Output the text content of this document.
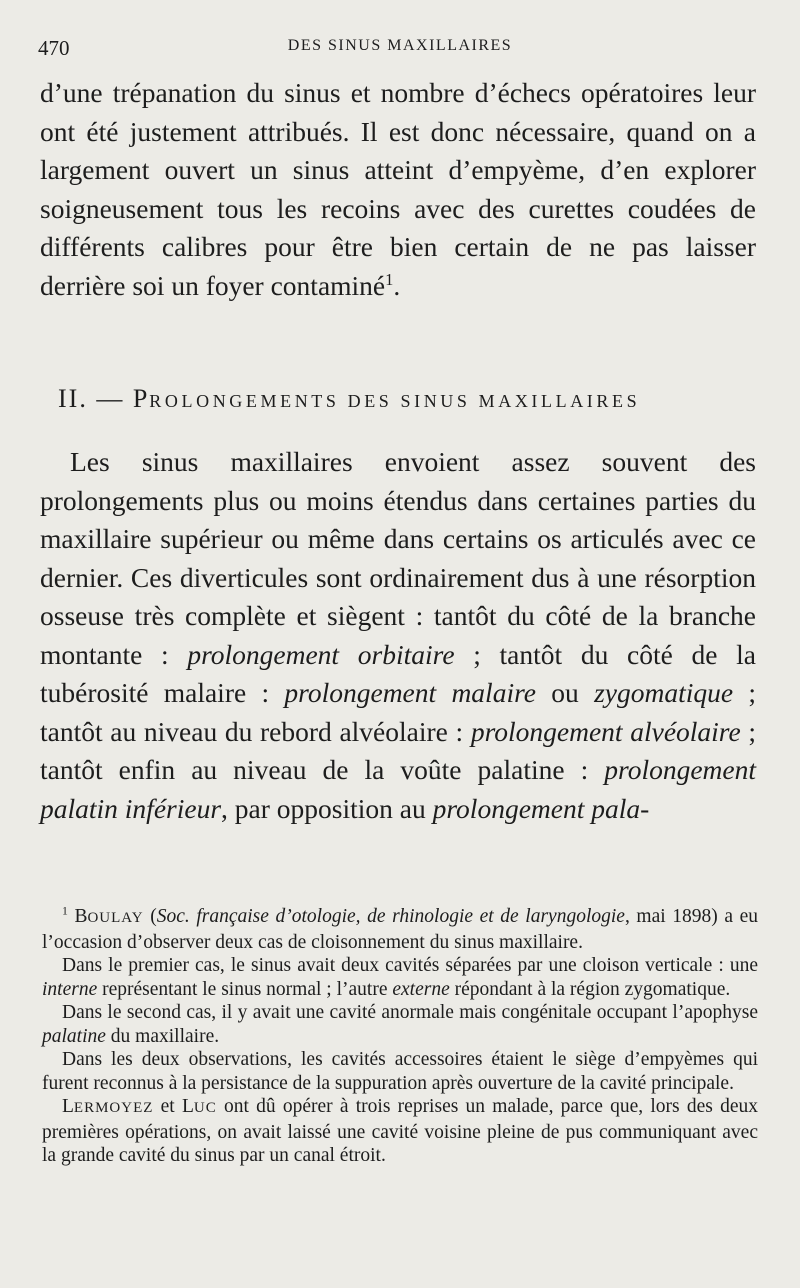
470	DES SINUS MAXILLAIRES
d’une trépanation du sinus et nombre d’échecs opératoires leur ont été justement attribués. Il est donc nécessaire, quand on a largement ouvert un sinus atteint d’empyème, d’en explorer soigneusement tous les recoins avec des curettes coudées de différents calibres pour être bien certain de ne pas laisser derrière soi un foyer contaminé$^1$.
II. — PROLONGEMENTS DES SINUS MAXILLAIRES
Les sinus maxillaires envoient assez souvent des prolongements plus ou moins étendus dans certaines parties du maxillaire supérieur ou même dans certains os articulés avec ce dernier. Ces diverticules sont ordinairement dus à une résorption osseuse très complète et siègent : tantôt du côté de la branche montante : prolongement orbitaire ; tantôt du côté de la tubérosité malaire : prolongement malaire ou zygomatique ; tantôt au niveau du rebord alvéolaire : prolongement alvéolaire ; tantôt enfin au niveau de la voûte palatine : prolongement palatin inférieur, par opposition au prolongement pala-

$^1$ BOULAY (Soc. française d’otologie, de rhinologie et de laryngologie, mai 1898) a eu l’occasion d’observer deux cas de cloisonnement du sinus maxillaire.

Dans le premier cas, le sinus avait deux cavités séparées par une cloison verticale : une interne représentant le sinus normal ; l’autre externe répondant à la région zygomatique.

Dans le second cas, il y avait une cavité anormale mais congénitale occupant l’apophyse palatine du maxillaire.

Dans les deux observations, les cavités accessoires étaient le siège d’empyèmes qui furent reconnus à la persistance de la suppuration après ouverture de la cavité principale.

LERMOYEZ et LUC ont dû opérer à trois reprises un malade, parce que, lors des deux premières opérations, on avait laissé une cavité voisine pleine de pus communiquant avec la grande cavité du sinus par un canal étroit.
